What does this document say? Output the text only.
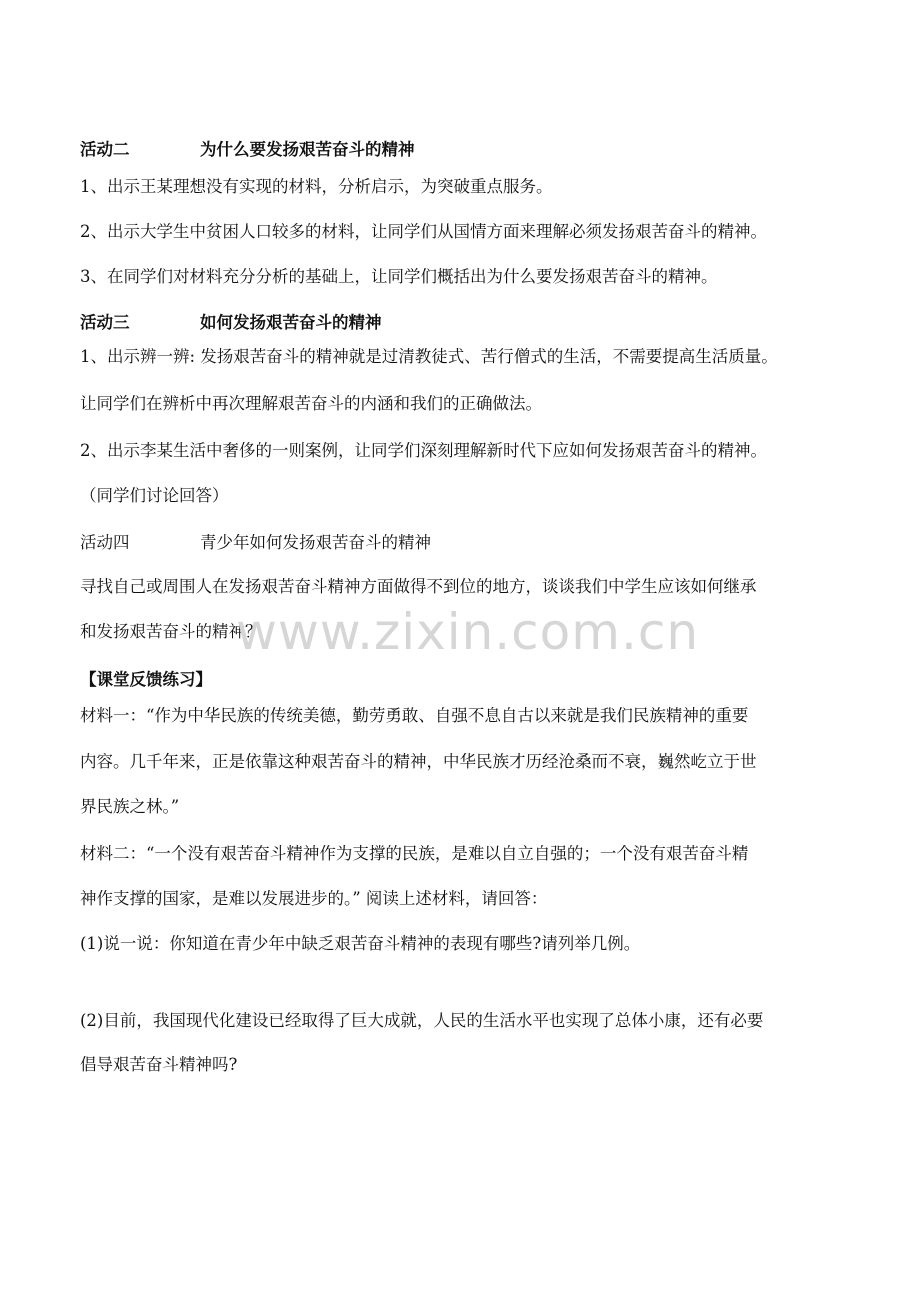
活动二	为什么要发扬艰苦奋斗的精神
1、出示王某理想没有实现的材料，分析启示，为突破重点服务。
2、出示大学生中贫困人口较多的材料，让同学们从国情方面来理解必须发扬艰苦奋斗的精神。
3、在同学们对材料充分分析的基础上，让同学们概括出为什么要发扬艰苦奋斗的精神。
活动三	如何发扬艰苦奋斗的精神
1、出示辨一辨: 发扬艰苦奋斗的精神就是过清教徒式、苦行僧式的生活，不需要提高生活质量。
让同学们在辨析中再次理解艰苦奋斗的内涵和我们的正确做法。
2、出示李某生活中奢侈的一则案例，让同学们深刻理解新时代下应如何发扬艰苦奋斗的精神。
（同学们讨论回答）
活动四	青少年如何发扬艰苦奋斗的精神
寻找自己或周围人在发扬艰苦奋斗精神方面做得不到位的地方，谈谈我们中学生应该如何继承
和发扬艰苦奋斗的精神？
www.zixin.com.cn
【课堂反馈练习】
材料一：“作为中华民族的传统美德，勤劳勇敢、自强不息自古以来就是我们民族精神的重要
内容。几千年来，正是依靠这种艰苦奋斗的精神，中华民族才历经沧桑而不衰，巍然屹立于世
界民族之林。”
材料二：“一个没有艰苦奋斗精神作为支撑的民族，是难以自立自强的；一个没有艰苦奋斗精
神作支撑的国家，是难以发展进步的。” 阅读上述材料，请回答：
(1)说一说：你知道在青少年中缺乏艰苦奋斗精神的表现有哪些?请列举几例。
(2)目前，我国现代化建设已经取得了巨大成就，人民的生活水平也实现了总体小康，还有必要
倡导艰苦奋斗精神吗?
